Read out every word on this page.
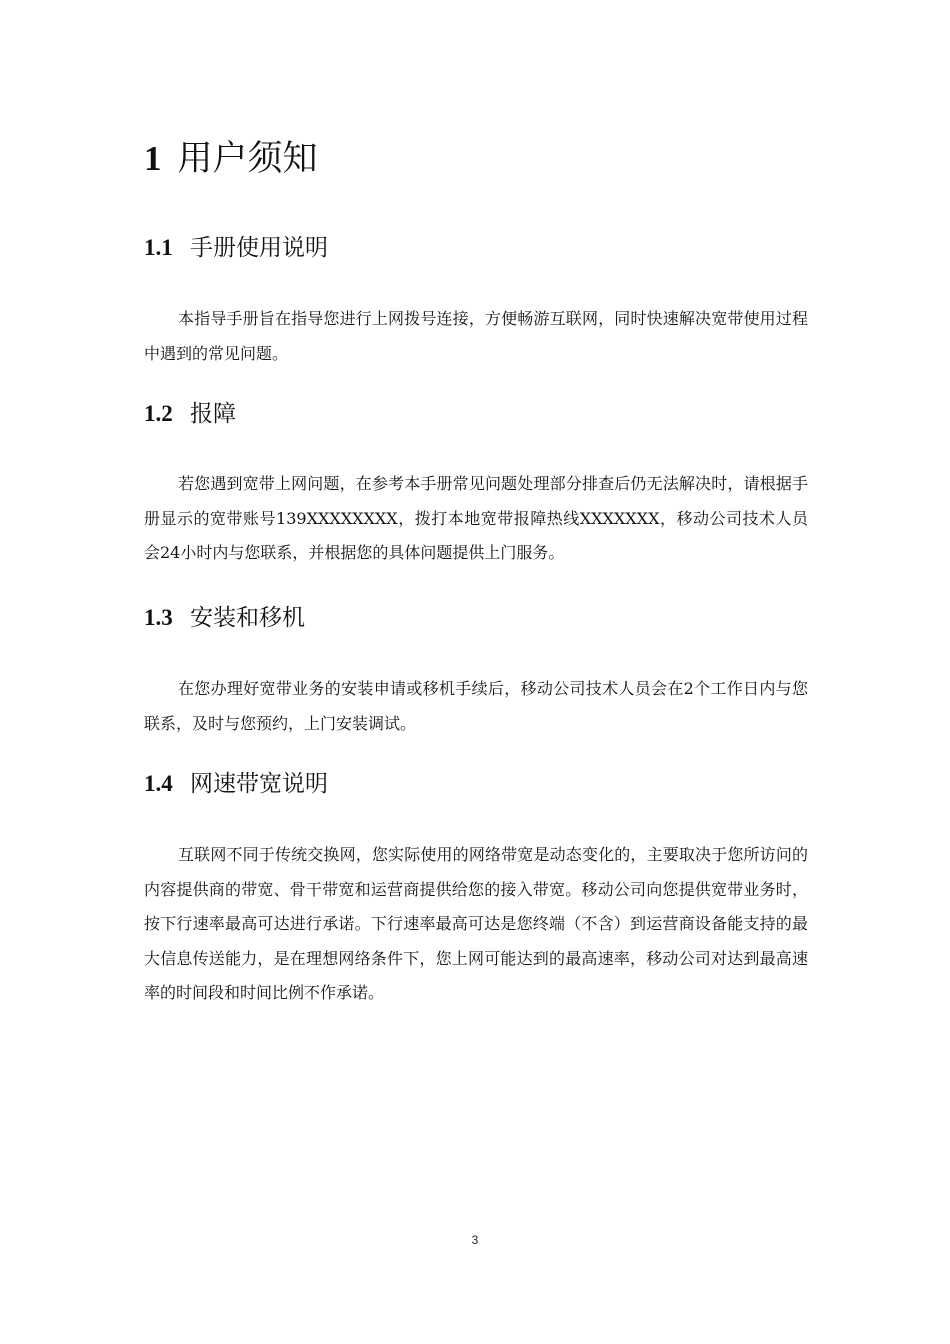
1 用户须知
1.1 手册使用说明
本指导手册旨在指导您进行上网拨号连接，方便畅游互联网，同时快速解决宽带使用过程中遇到的常见问题。
1.2 报障
若您遇到宽带上网问题，在参考本手册常见问题处理部分排查后仍无法解决时，请根据手册显示的宽带账号139XXXXXXXX，拨打本地宽带报障热线XXXXXXX，移动公司技术人员会24小时内与您联系，并根据您的具体问题提供上门服务。
1.3 安装和移机
在您办理好宽带业务的安装申请或移机手续后，移动公司技术人员会在2个工作日内与您联系，及时与您预约，上门安装调试。
1.4 网速带宽说明
互联网不同于传统交换网，您实际使用的网络带宽是动态变化的，主要取决于您所访问的内容提供商的带宽、骨干带宽和运营商提供给您的接入带宽。移动公司向您提供宽带业务时，按下行速率最高可达进行承诺。下行速率最高可达是您终端（不含）到运营商设备能支持的最大信息传送能力，是在理想网络条件下，您上网可能达到的最高速率，移动公司对达到最高速率的时间段和时间比例不作承诺。
3
